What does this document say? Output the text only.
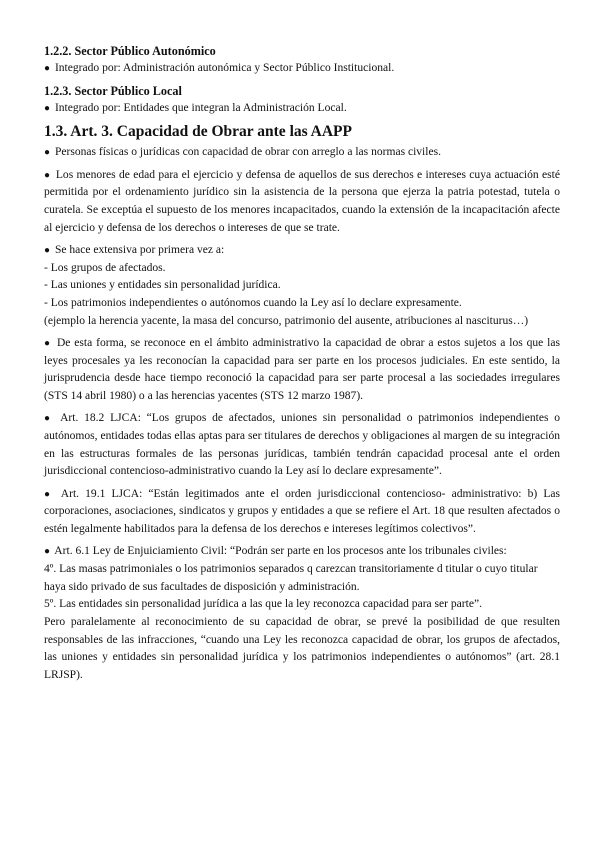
1.2.2. Sector Público Autonómico

● Integrado por: Administración autonómica y Sector Público Institucional.

1.2.3. Sector Público Local

● Integrado por: Entidades que integran la Administración Local.

1.3. Art. 3. Capacidad de Obrar ante las AAPP

● Personas físicas o jurídicas con capacidad de obrar con arreglo a las normas civiles.

● Los menores de edad para el ejercicio y defensa de aquellos de sus derechos e intereses cuya actuación esté permitida por el ordenamiento jurídico sin la asistencia de la persona que ejerza la patria potestad, tutela o curatela. Se exceptúa el supuesto de los menores incapacitados, cuando la extensión de la incapacitación afecte al ejercicio y defensa de los derechos o intereses de que se trate.

● Se hace extensiva por primera vez a:
- Los grupos de afectados.
- Las uniones y entidades sin personalidad jurídica.
- Los patrimonios independientes o autónomos cuando la Ley así lo declare expresamente.
(ejemplo la herencia yacente, la masa del concurso, patrimonio del ausente, atribuciones al nasciturus…)

● De esta forma, se reconoce en el ámbito administrativo la capacidad de obrar a estos sujetos a los que las leyes procesales ya les reconocían la capacidad para ser parte en los procesos judiciales. En este sentido, la jurisprudencia desde hace tiempo reconoció la capacidad para ser parte procesal a las sociedades irregulares (STS 14 abril 1980) o a las herencias yacentes (STS 12 marzo 1987).

● Art. 18.2 LJCA: “Los grupos de afectados, uniones sin personalidad o patrimonios independientes o autónomos, entidades todas ellas aptas para ser titulares de derechos y obligaciones al margen de su integración en las estructuras formales de las personas jurídicas, también tendrán capacidad procesal ante el orden jurisdiccional contencioso-administrativo cuando la Ley así lo declare expresamente”.

● Art. 19.1 LJCA: “Están legitimados ante el orden jurisdiccional contencioso- administrativo: b) Las corporaciones, asociaciones, sindicatos y grupos y entidades a que se refiere el Art. 18 que resulten afectados o estén legalmente habilitados para la defensa de los derechos e intereses legítimos colectivos”.

● Art. 6.1 Ley de Enjuiciamiento Civil: “Podrán ser parte en los procesos ante los tribunales civiles:
4º. Las masas patrimoniales o los patrimonios separados q carezcan transitoriamente d titular o cuyo titular haya sido privado de sus facultades de disposición y administración.
5º. Las entidades sin personalidad jurídica a las que la ley reconozca capacidad para ser parte”.
Pero paralelamente al reconocimiento de su capacidad de obrar, se prevé la posibilidad de que resulten responsables de las infracciones, “cuando una Ley les reconozca capacidad de obrar, los grupos de afectados, las uniones y entidades sin personalidad jurídica y los patrimonios independientes o autónomos” (art. 28.1 LRJSP).
